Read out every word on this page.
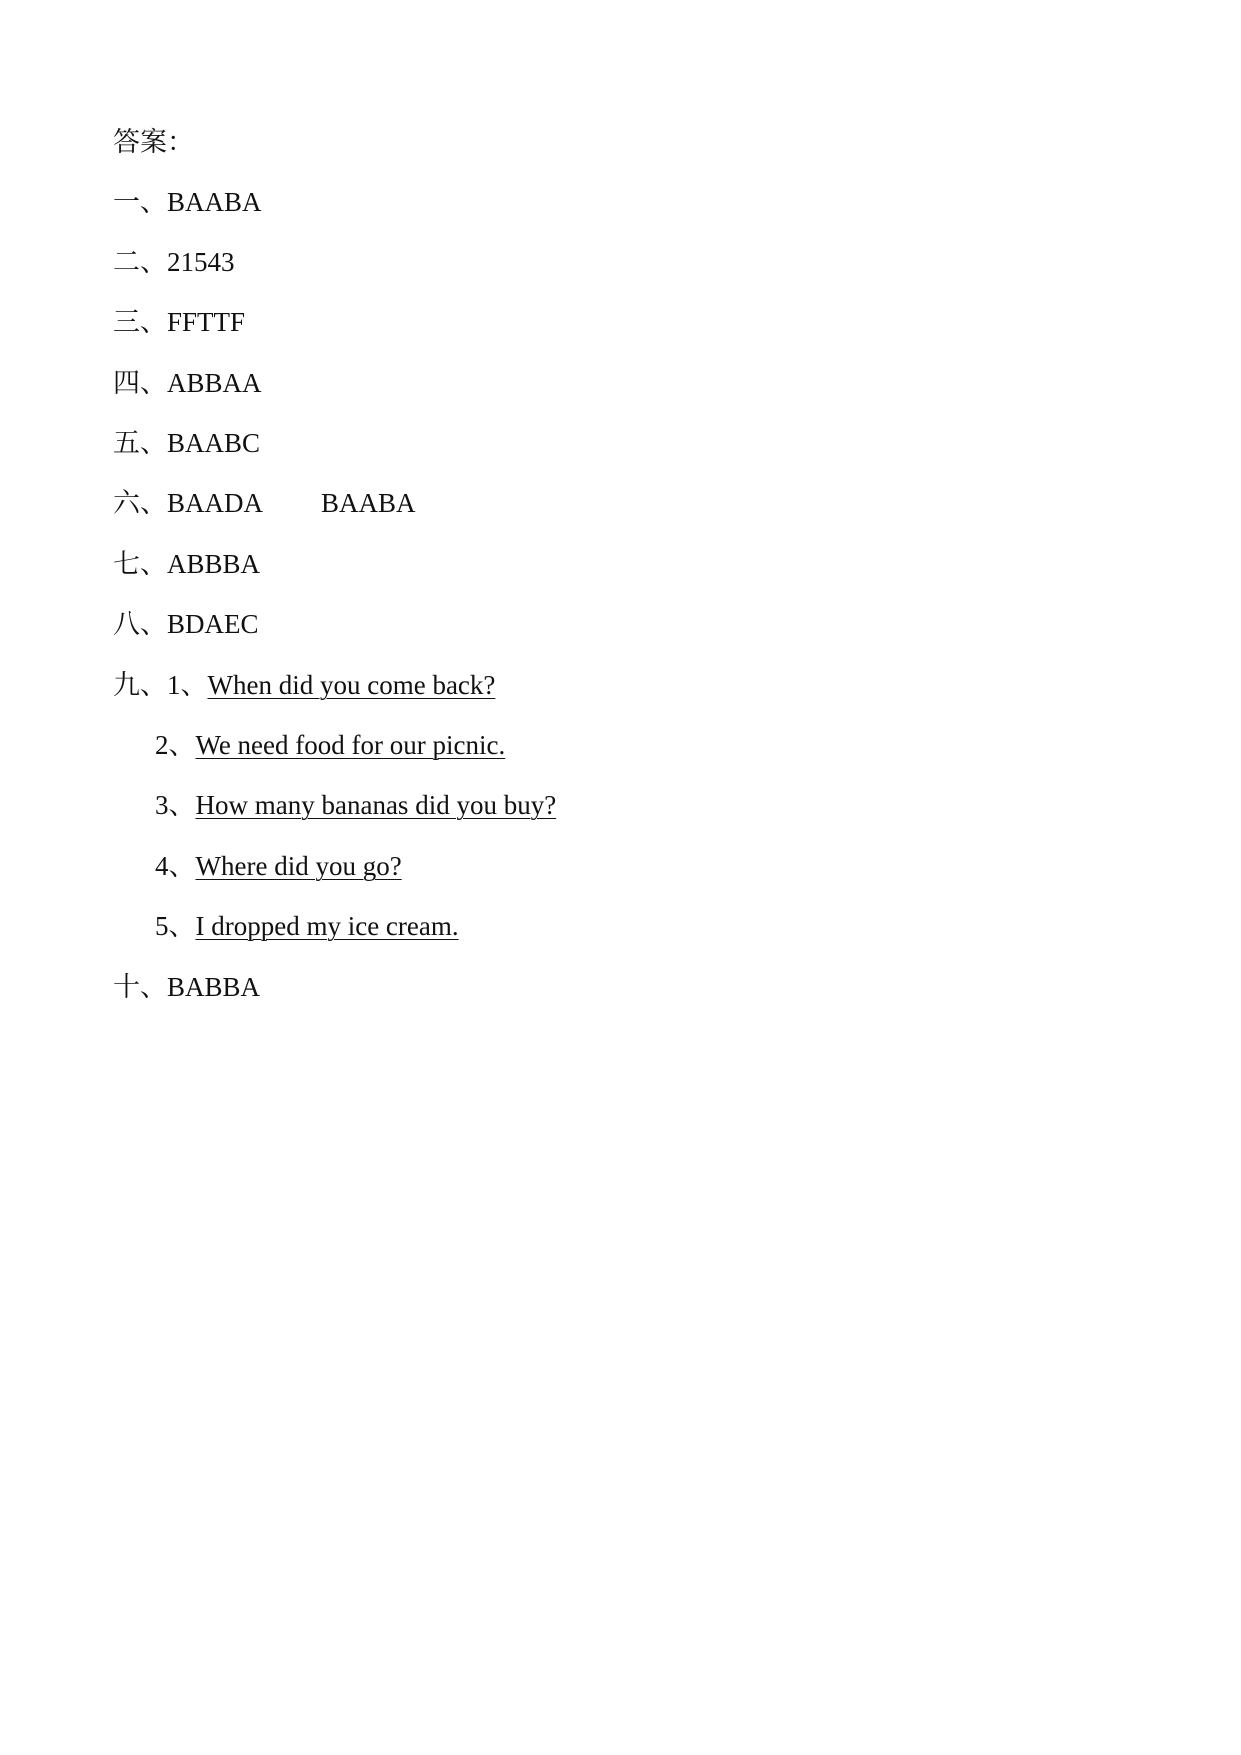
答案：
一、BAABA
二、21543
三、FFTTF
四、ABBAA
五、BAABC
六、BAADA BAABA
七、ABBBA
八、BDAEC
九、1、When did you come back?
2、We need food for our picnic.
3、How many bananas did you buy?
4、Where did you go?
5、I dropped my ice cream.
十、BABBA
